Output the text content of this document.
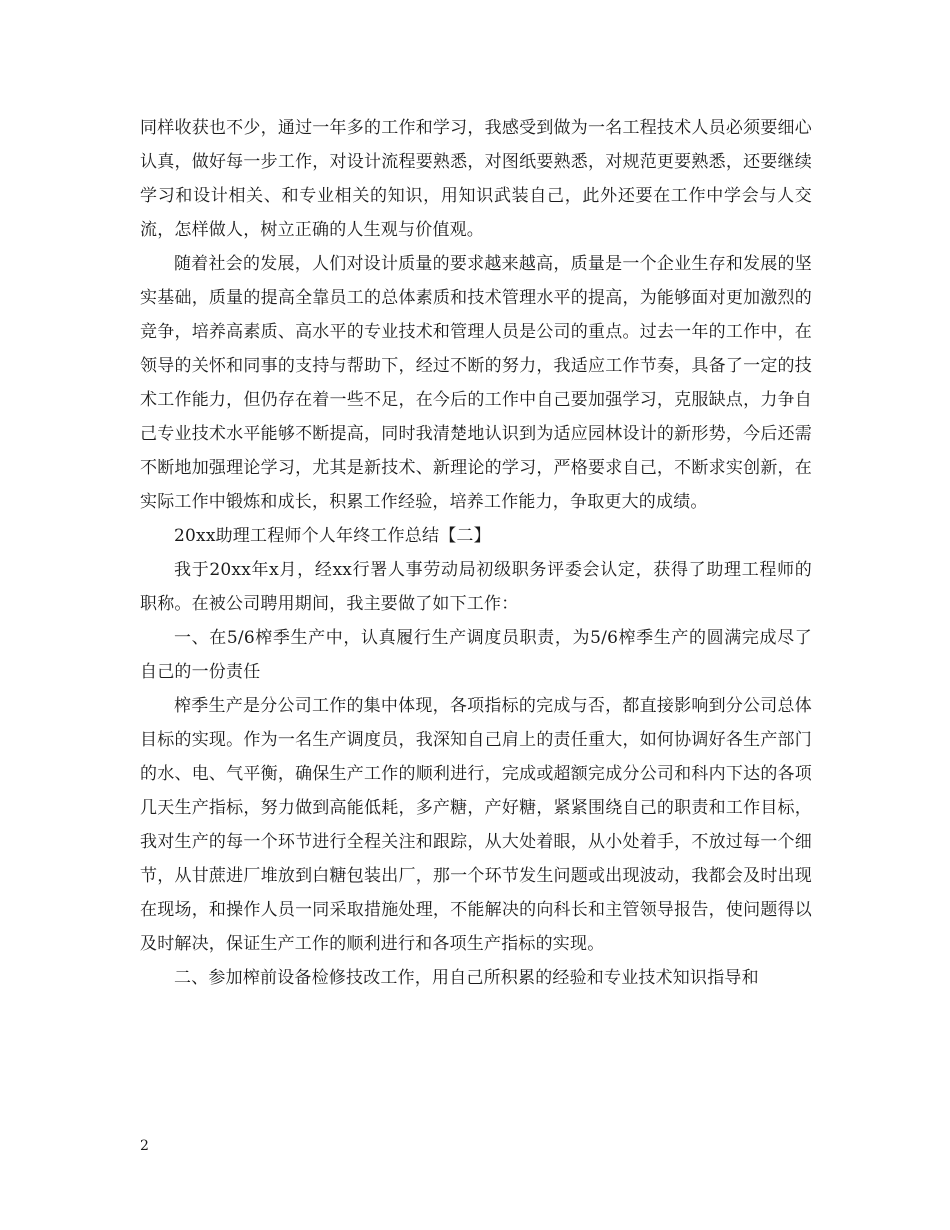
同样收获也不少，通过一年多的工作和学习，我感受到做为一名工程技术人员必须要细心认真，做好每一步工作，对设计流程要熟悉，对图纸要熟悉，对规范更要熟悉，还要继续学习和设计相关、和专业相关的知识，用知识武装自己，此外还要在工作中学会与人交流，怎样做人，树立正确的人生观与价值观。

随着社会的发展，人们对设计质量的要求越来越高，质量是一个企业生存和发展的坚实基础，质量的提高全靠员工的总体素质和技术管理水平的提高，为能够面对更加激烈的竞争，培养高素质、高水平的专业技术和管理人员是公司的重点。过去一年的工作中，在领导的关怀和同事的支持与帮助下，经过不断的努力，我适应工作节奏，具备了一定的技术工作能力，但仍存在着一些不足，在今后的工作中自己要加强学习，克服缺点，力争自己专业技术水平能够不断提高，同时我清楚地认识到为适应园林设计的新形势，今后还需不断地加强理论学习，尤其是新技术、新理论的学习，严格要求自己，不断求实创新，在实际工作中锻炼和成长，积累工作经验，培养工作能力，争取更大的成绩。

20xx助理工程师个人年终工作总结【二】

我于20xx年x月，经xx行署人事劳动局初级职务评委会认定，获得了助理工程师的职称。在被公司聘用期间，我主要做了如下工作：

一、在5/6榨季生产中，认真履行生产调度员职责，为5/6榨季生产的圆满完成尽了自己的一份责任

榨季生产是分公司工作的集中体现，各项指标的完成与否，都直接影响到分公司总体目标的实现。作为一名生产调度员，我深知自己肩上的责任重大，如何协调好各生产部门的水、电、气平衡，确保生产工作的顺利进行，完成或超额完成分公司和科内下达的各项几天生产指标，努力做到高能低耗，多产糖，产好糖，紧紧围绕自己的职责和工作目标，我对生产的每一个环节进行全程关注和跟踪，从大处着眼，从小处着手，不放过每一个细节，从甘蔗进厂堆放到白糖包装出厂，那一个环节发生问题或出现波动，我都会及时出现在现场，和操作人员一同采取措施处理，不能解决的向科长和主管领导报告，使问题得以及时解决，保证生产工作的顺利进行和各项生产指标的实现。

二、参加榨前设备检修技改工作，用自己所积累的经验和专业技术知识指导和

2
